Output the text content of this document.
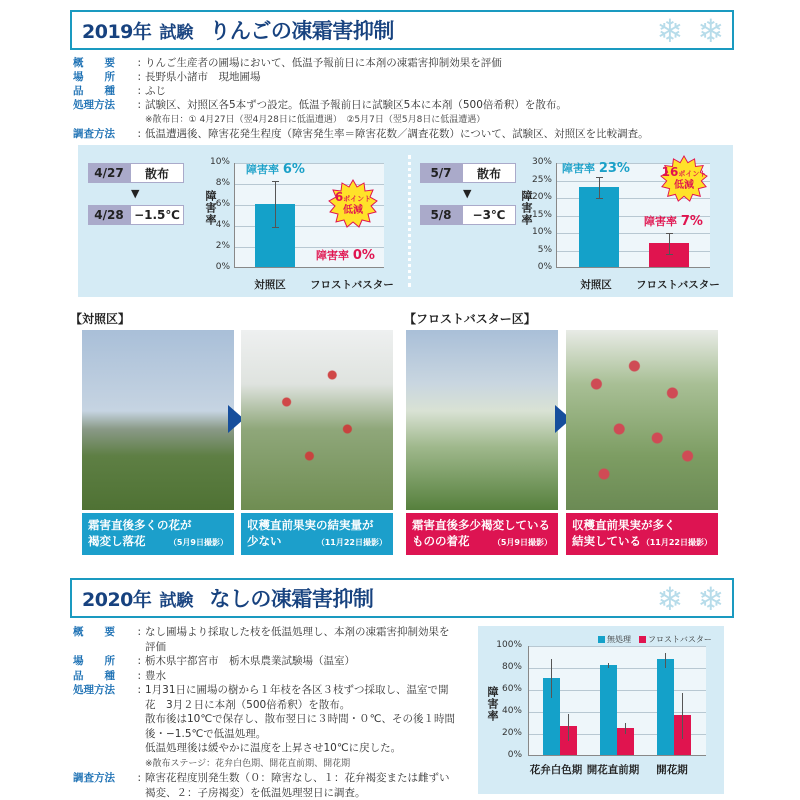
2019年 試験 りんごの凍霜害抑制	❄ ❄
概　　要 : りんご生産者の圃場において、低温予報前日に本剤の凍霜害抑制効果を評価
場　　所 : 長野県小諸市　現地圃場
品　　種 : ふじ
処理方法 : 試験区、対照区各5本ずつ設定。低温予報前日に試験区5本に本剤（500倍希釈）を散布。
※散布日：① 4月27日（翌4月28日に低温遭遇）　②5月7日（翌5月8日に低温遭遇）
調査方法 : 低温遭遇後、障害花発生程度（障害発生率＝障害花数／調査花数）について、試験区、対照区を比較調査。
4/27	散布
▼
4/28 −1.5℃	障害率
10%
8%
6%
4%
2%
0%
障害率 6%
障害率 0%
6ポイント
低減
対照区	フロストバスター
5/7	散布
▼
5/8	−3℃	障害率
30%
25%
20%
15%
10%
5%
0%
障害率 23%
障害率 7%
16ポイント
低減
対照区	フロストバスター
【対照区】	【フロストバスター区】
霜害直後多くの花が
褐変し落花	（5月9日撮影）
収穫直前果実の結実量が
少ない	（11月22日撮影）
霜害直後多少褐変している
ものの着花	（5月9日撮影）
収穫直前果実が多く
結実している （11月22日撮影）
2020年 試験 なしの凍霜害抑制	❄ ❄
概　　要 : なし圃場より採取した枝を低温処理し、本剤の凍霜害抑制効果を
評価
場　　所 : 栃木県宇都宮市　栃木県農業試験場（温室）
品　　種 : 豊水
処理方法 : 1月31日に圃場の樹から１年枝を各区３枝ずつ採取し、温室で開
花　3月２日に本剤（500倍希釈）を散布。
散布後は10℃で保存し、散布翌日に３時間・０℃、その後１時間
後・−1.5℃で低温処理。
低温処理後は緩やかに温度を上昇させ10℃に戻した。
※散布ステージ：花弁白色期、開花直前期、開花期
調査方法 : 障害花程度別発生数（０：障害なし、１：花弁褐変または雌ずい
褐変、２：子房褐変）を低温処理翌日に調査。
無処理 フロストバスター
障害率
100%
80%
60%
40%
20%
0%
花弁白色期 開花直前期	開花期
